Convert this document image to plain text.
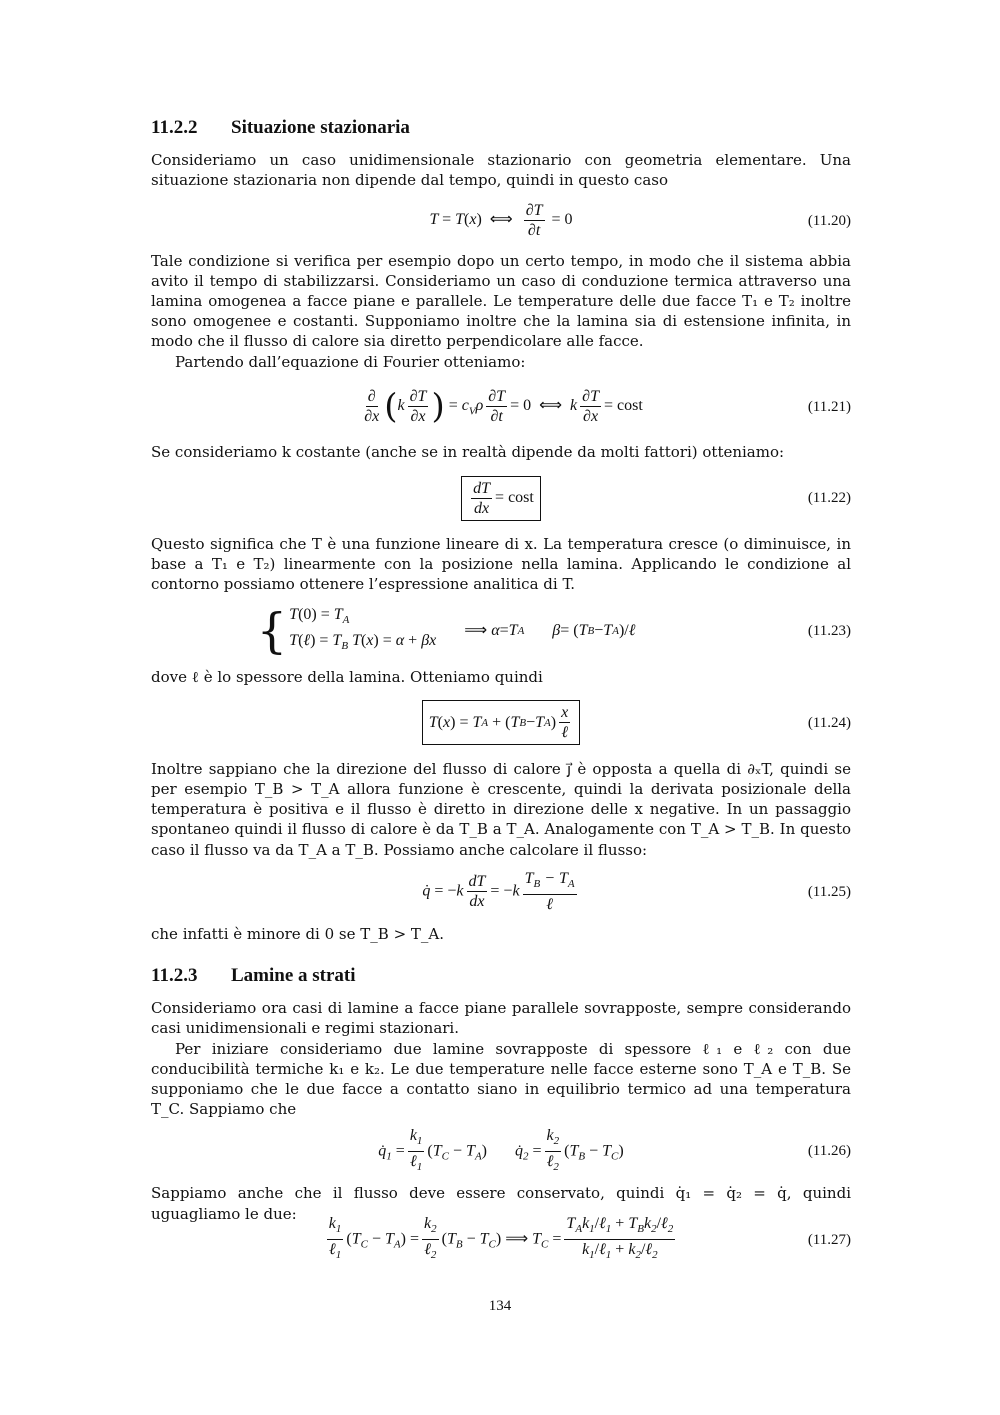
11.2.2 Situazione stazionaria

Consideriamo un caso unidimensionale stazionario con geometria elementare. Una situazione stazionaria non dipende dal tempo, quindi in questo caso

T = T(x)  ⟺ $\frac{\partial T}{\partial t} = 0$	(11.20)

Tale condizione si verifica per esempio dopo un certo tempo, in modo che il sistema abbia avito il tempo di stabilizzarsi. Consideriamo un caso di conduzione termica attraverso una lamina omogenea a facce piane e parallele. Le temperature delle due facce T₁ e T₂ inoltre sono omogenee e costanti. Supponiamo inoltre che la lamina sia di estensione infinita, in modo che il flusso di calore sia diretto perpendicolare alle facce.

Partendo dall’equazione di Fourier otteniamo:

$\frac{\partial}{\partial x} (k \frac{\partial T}{\partial x}$ ) = $c_V\rho \frac{\partial T}{\partial t} = 0$  ⟺  k $\frac{\partial T}{\partial x} = \cos t$	(11.21)

Se consideriamo k costante (anche se in realtà dipende da molti fattori) otteniamo:

$\frac{dT}{dx} = \cos t$	(11.22)

Questo significa che T è una funzione lineare di x. La temperatura cresce (o diminuisce, in base a T₁ e T₂) linearmente con la posizione nella lamina. Applicando le condizione al contorno possiamo ottenere l’espressione analitica di T.

{ $T(0) = T_A$
T(ℓ) = $T_B$ T(x) = α + βx
⟹ α = T A β = ( T B − T A )/ ℓ	(11.23)

dove ℓ è lo spessore della lamina. Otteniamo quindi

T ( x ) = T A + ( T B − T A ) $\frac{x}{\text{ℓ}}$	(11.24)

Inoltre sappiano che la direzione del flusso di calore j⃗ è opposta a quella di ∂ₓT, quindi se per esempio T_B > T_A allora funzione è crescente, quindi la derivata posizionale della temperatura è positiva e il flusso è diretto in direzione delle x negative. In un passaggio spontaneo quindi il flusso di calore è da T_B a T_A. Analogamente con T_A > T_B. In questo caso il flusso va da T_A a T_B. Possiamo anche calcolare il flusso:

q̇ = $-k \frac{dT}{dx} = -k \frac{T_B - T_A}{\text{ℓ}}$	(11.25)

che infatti è minore di 0 se T_B > T_A.

11.2.3 Lamine a strati

Consideriamo ora casi di lamine a facce piane parallele sovrapposte, sempre considerando casi unidimensionali e regimi stazionari.

Per iniziare consideriamo due lamine sovrapposte di spessore ℓ₁ e ℓ₂ con due conducibilità termiche k₁ e k₂. Le due temperature nelle facce esterne sono T_A e T_B. Se supponiamo che le due facce a contatto siano in equilibrio termico ad una temperatura T_C. Sappiamo che

$q̇_1 = \frac{k_1}{\ell_1} (T_C - T_A)$ $q̇_2 = \frac{k_2}{\ell_2} (T_B - T_C)$	(11.26)

Sappiamo anche che il flusso deve essere conservato, quindi q̇₁ = q̇₂ = q̇, quindi uguagliamo le due:

$\frac{k_1}{\ell_1} (T_C - T_A) = \frac{k_2}{\ell_2} (T_B - T_C)$ ⟹ $T_C = \frac{T_Ak_1/\ell_1 + T_Bk_2/\ell_2}{k_1/\ell_1 + k_2/\ell_2}$	(11.27)
134
